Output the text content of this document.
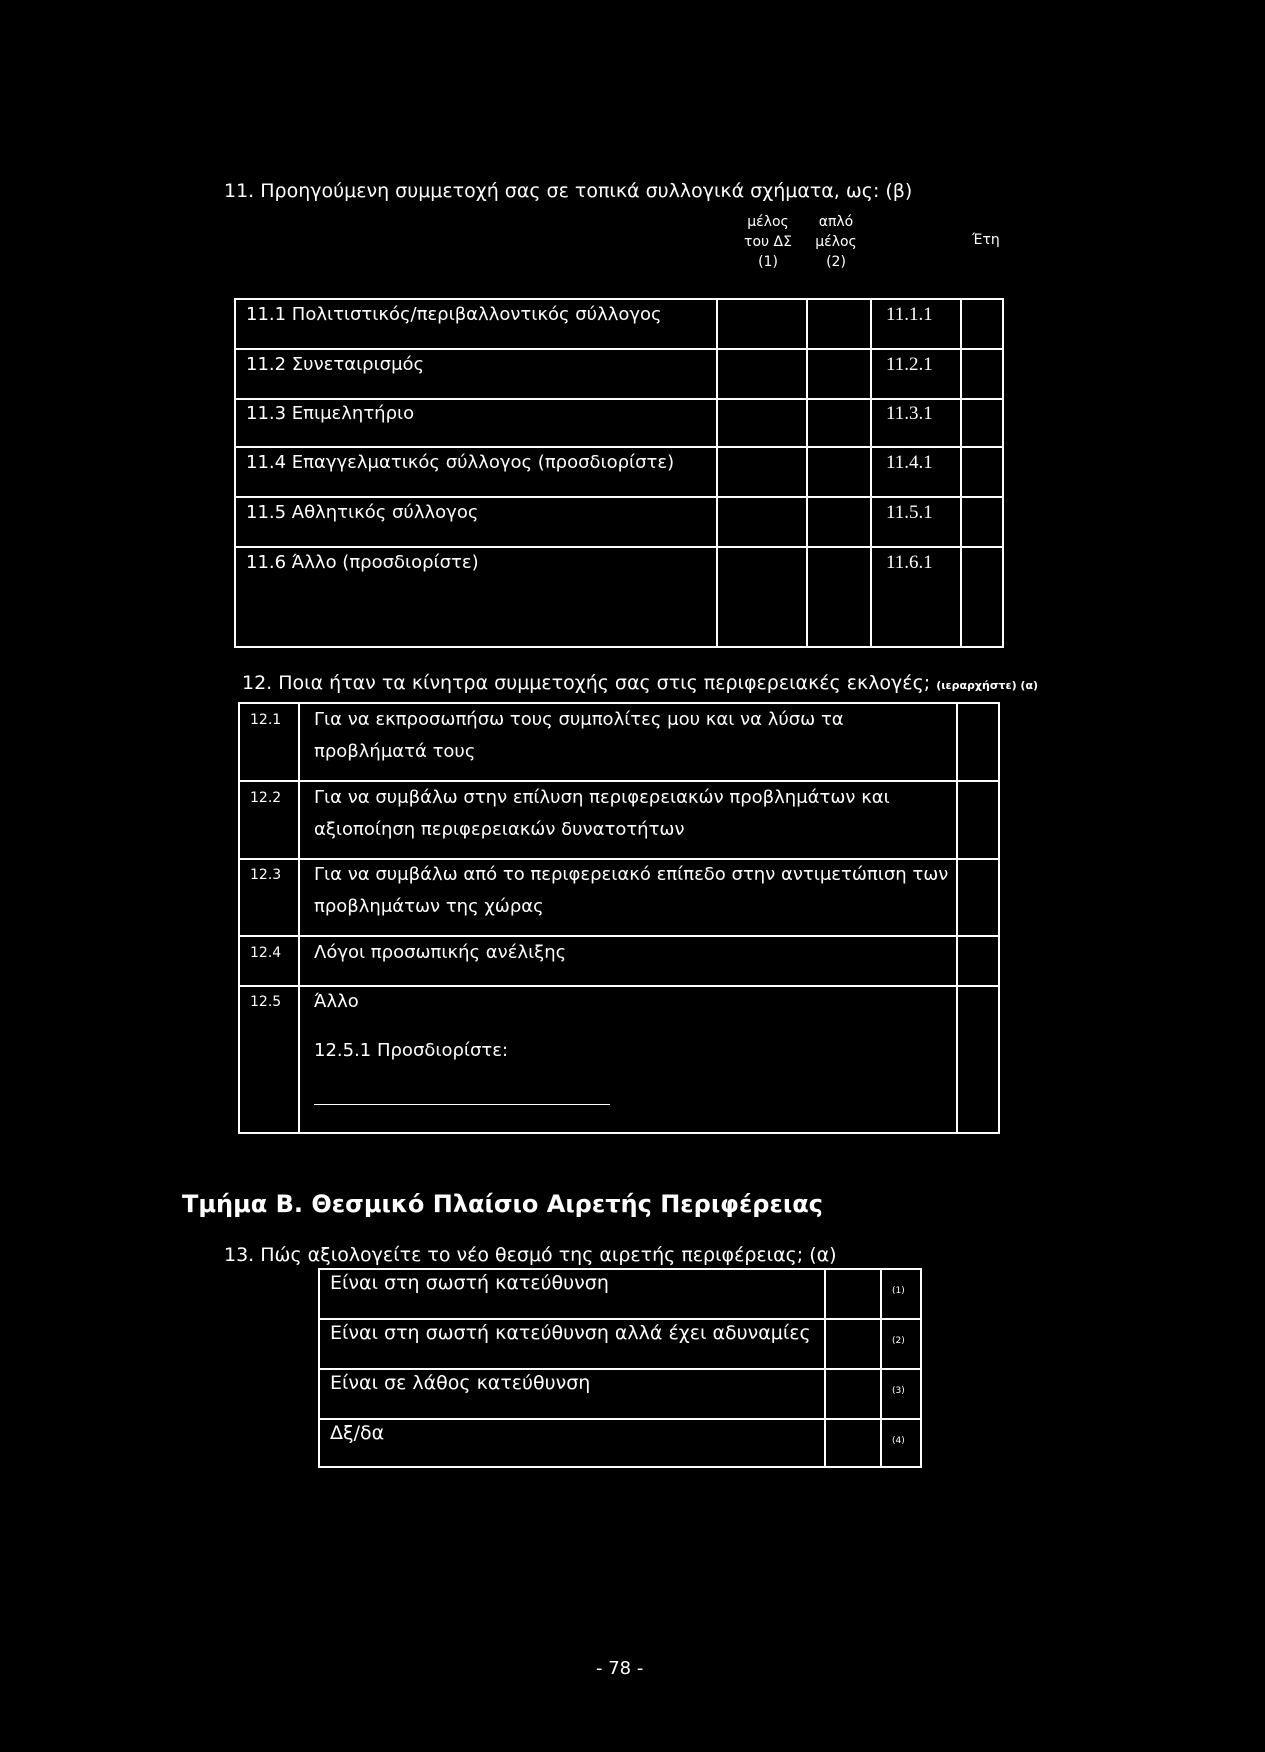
11. Προηγούμενη συμμετοχή σας σε τοπικά συλλογικά σχήματα, ως: (β)
μέλος
του ΔΣ
(1)
απλό
μέλος
(2)
Έτη
11.1 Πολιτιστικός/περιβαλλοντικός σύλλογος	11.1.1
11.2 Συνεταιρισμός	11.2.1
11.3 Επιμελητήριο	11.3.1
11.4 Επαγγελματικός σύλλογος (προσδιορίστε)	11.4.1
11.5 Αθλητικός σύλλογος	11.5.1
11.6 Άλλο (προσδιορίστε)	11.6.1
12. Ποια ήταν τα κίνητρα συμμετοχής σας στις περιφερειακές εκλογές; (ιεραρχήστε) (α)
12.1 Για να εκπροσωπήσω τους συμπολίτες μου και να λύσω τα προβλήματά τους
12.2 Για να συμβάλω στην επίλυση περιφερειακών προβλημάτων και αξιοποίηση περιφερειακών δυνατοτήτων
12.3 Για να συμβάλω από το περιφερειακό επίπεδο στην αντιμετώπιση των προβλημάτων της χώρας
12.4 Λόγοι προσωπικής ανέλιξης
12.5 Άλλο
12.5.1 Προσδιορίστε:
Τμήμα Β. Θεσμικό Πλαίσιο Αιρετής Περιφέρειας
13. Πώς αξιολογείτε το νέο θεσμό της αιρετής περιφέρειας; (α)
Είναι στη σωστή κατεύθυνση	(1)
Είναι στη σωστή κατεύθυνση αλλά έχει αδυναμίες	(2)
Είναι σε λάθος κατεύθυνση	(3)
Δξ/δα	(4)
- 78 -
